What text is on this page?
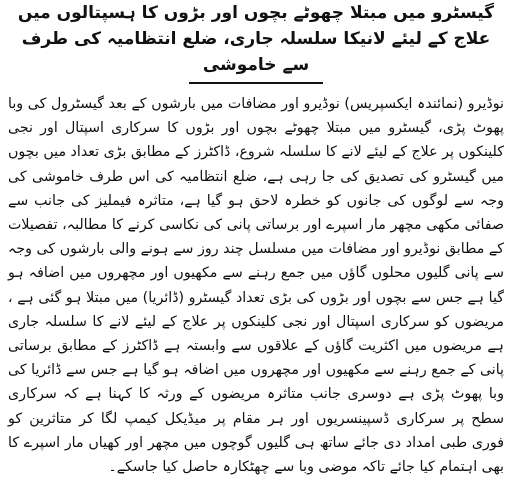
گیسٹرو میں مبتلا چھوٹے بچوں اور بڑوں کا ہسپتالوں میں علاج کے لیئے لانیکا سلسلہ جاری، ضلع انتظامیہ کی طرف سے خاموشی

نوڈیرو (نمائندہ ایکسپریس) نوڈیرو اور مضافات میں بارشوں کے بعد گیسٹرول کی وبا پھوٹ پڑی، گیسٹرو میں مبتلا چھوٹے بچوں اور بڑوں کا سرکاری اسپتال اور نجی کلینکوں پر علاج کے لیئے لانے کا سلسلہ شروع، ڈاکٹرز کے مطابق بڑی تعداد میں بچوں میں گیسٹرو کی تصدیق کی جا رہی ہے، ضلع انتظامیہ کی اس طرف خاموشی کی وجہ سے لوگوں کی جانوں کو خطرہ لاحق ہو گیا ہے، متاثرہ فیملیز کی جانب سے صفائی مکھی مچھر مار اسپرے اور برساتی پانی کی نکاسی کرنے کا مطالبہ، تفصیلات کے مطابق نوڈیرو اور مضافات میں مسلسل چند روز سے ہونے والی بارشوں کی وجہ سے پانی گلیوں محلوں گاؤں میں جمع رہنے سے مکھیوں اور مچھروں میں اضافہ ہو گیا ہے جس سے بچوں اور بڑوں کی بڑی تعداد گیسٹرو (ڈائریا) میں مبتلا ہو گئی ہے ، مریضوں کو سرکاری اسپتال اور نجی کلینکوں پر علاج کے لیئے لانے کا سلسلہ جاری ہے مریضوں میں اکثریت گاؤں کے علاقوں سے وابستہ ہے ڈاکٹرز کے مطابق برساتی پانی کے جمع رہنے سے مکھیوں اور مچھروں میں اضافہ ہو گیا ہے جس سے ڈائریا کی وبا پھوٹ پڑی ہے دوسری جانب متاثرہ مریضوں کے ورثہ کا کہنا ہے کہ سرکاری سطح پر سرکاری ڈسپینسریوں اور ہر مقام پر میڈیکل کیمپ لگا کر متاثرین کو فوری طبی امداد دی جائے ساتھ ہی گلیوں گوچوں میں مچھر اور کھیاں مار اسپرے کا بھی اہتمام کیا جائے تاکہ موضی وبا سے چھٹکارہ حاصل کیا جاسکے۔
